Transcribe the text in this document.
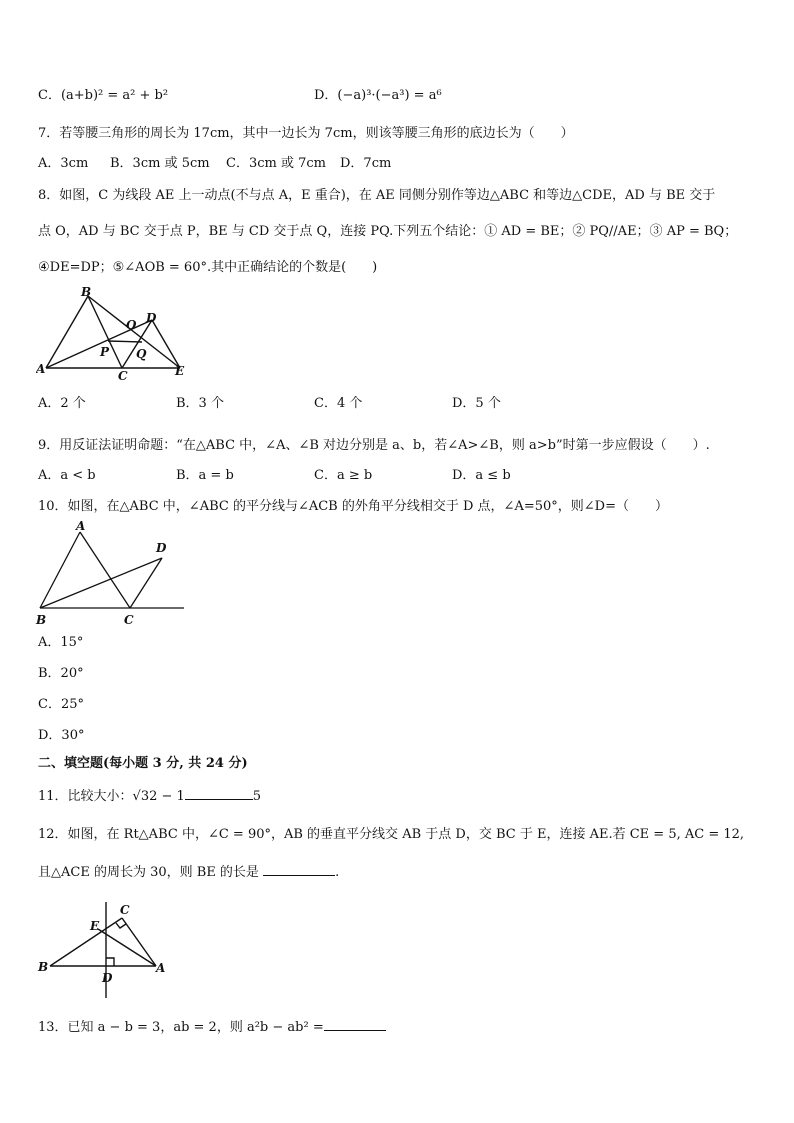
C．(a+b)² = a² + b²	D．(−a)³·(−a³) = a⁶
7．若等腰三角形的周长为 17cm，其中一边长为 7cm，则该等腰三角形的底边长为（　　）
A．3cm B．3cm 或 5cm C．3cm 或 7cm D．7cm
8．如图，C 为线段 AE 上一动点(不与点 A，E 重合)，在 AE 同侧分别作等边△ABC 和等边△CDE，AD 与 BE 交于
点 O，AD 与 BC 交于点 P，BE 与 CD 交于点 Q，连接 PQ.下列五个结论：① AD = BE；② PQ//AE；③ AP = BQ；
④DE=DP；⑤∠AOB = 60°.其中正确结论的个数是(　　)
B
O D
P Q
A	C	E
A．2 个	B．3 个	C．4 个	D．5 个
9．用反证法证明命题：“在△ABC 中，∠A、∠B 对边分别是 a、b，若∠A>∠B，则 a>b”时第一步应假设（　　）.
A．a < b	B．a = b	C．a ≥ b	D．a ≤ b
10．如图，在△ABC 中，∠ABC 的平分线与∠ACB 的外角平分线相交于 D 点，∠A=50°，则∠D=（　　）
A
D
B	C
A．15°
B．20°
C．25°
D．30°
二、填空题(每小题 3 分, 共 24 分)
11．比较大小：√32 − 1	5
12．如图，在 Rt△ABC 中，∠C = 90°，AB 的垂直平分线交 AB 于点 D，交 BC 于 E，连接 AE.若 CE = 5, AC = 12,
且△ACE 的周长为 30，则 BE 的长是	.
C
E
B
D
A
13．已知 a − b = 3，ab = 2，则 a²b − ab² =
